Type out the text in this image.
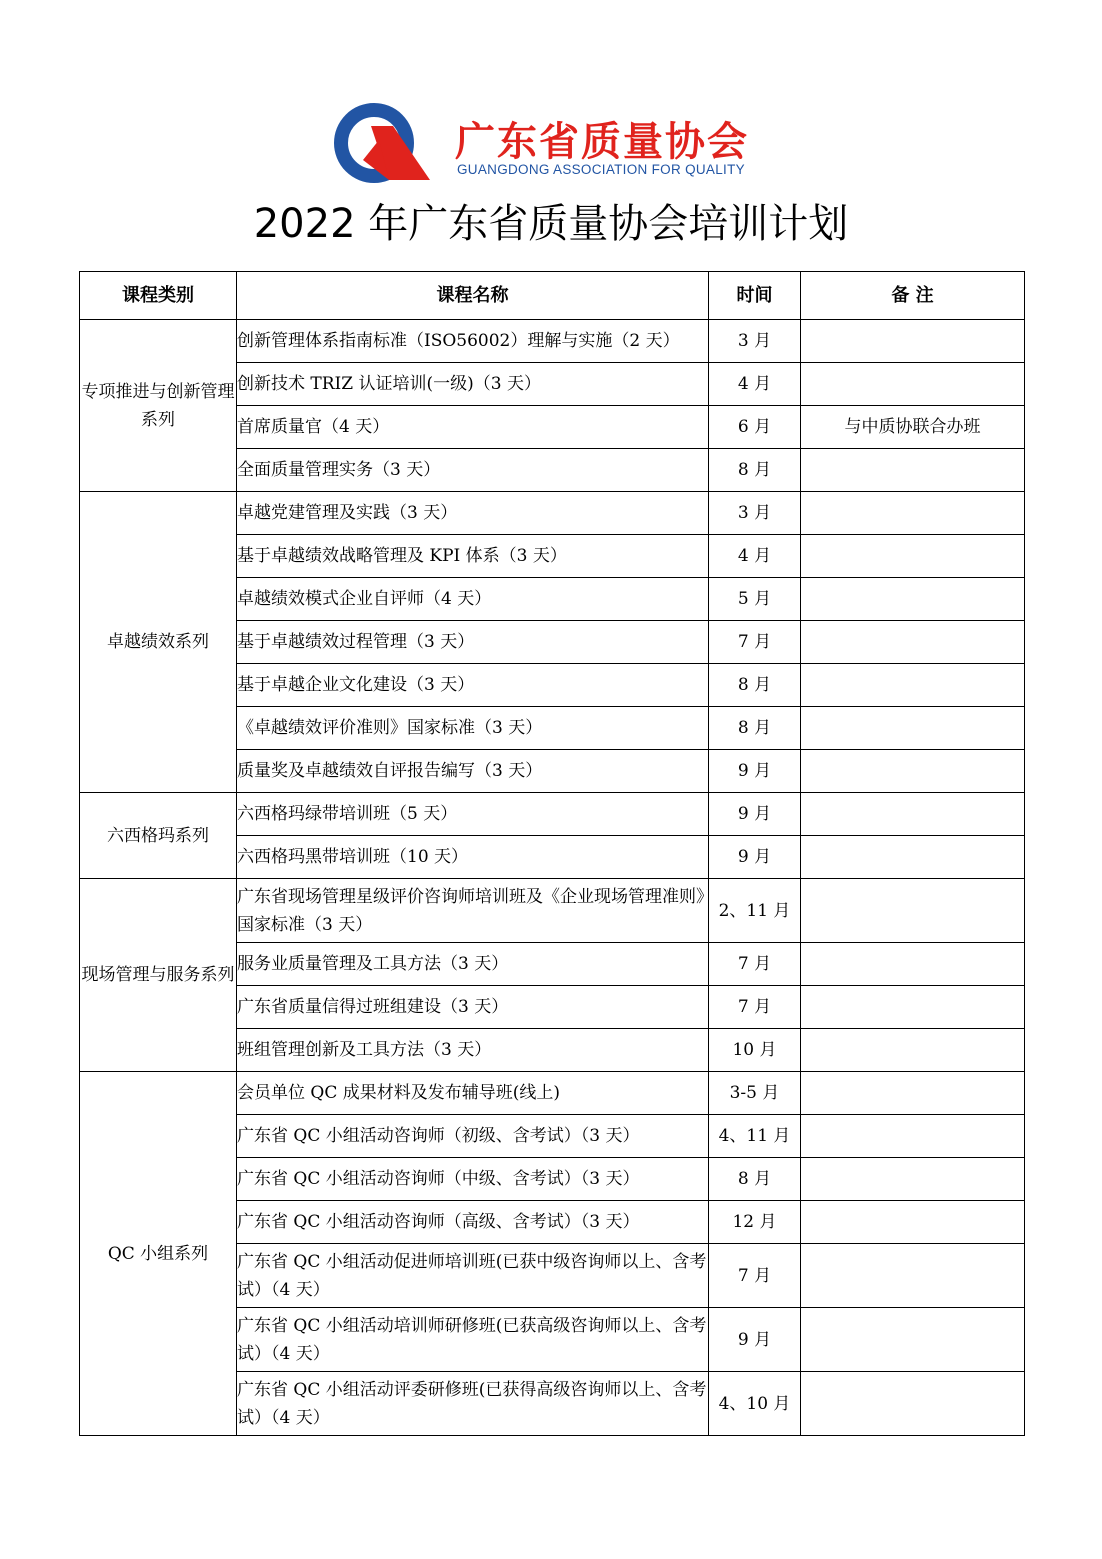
广东省质量协会
GUANGDONG ASSOCIATION FOR QUALITY
2022 年广东省质量协会培训计划
课程类别	课程名称	时间	备 注
专项推进与创新管理系列	创新管理体系指南标准（ISO56002）理解与实施（2 天）	3 月	
	创新技术 TRIZ 认证培训(一级)（3 天）	4 月	
	首席质量官（4 天）	6 月	与中质协联合办班
	全面质量管理实务（3 天）	8 月	
卓越绩效系列	卓越党建管理及实践（3 天）	3 月	
	基于卓越绩效战略管理及 KPI 体系（3 天）	4 月	
	卓越绩效模式企业自评师（4 天）	5 月	
	基于卓越绩效过程管理（3 天）	7 月	
	基于卓越企业文化建设（3 天）	8 月	
	《卓越绩效评价准则》国家标准（3 天）	8 月	
	质量奖及卓越绩效自评报告编写（3 天）	9 月	
六西格玛系列	六西格玛绿带培训班（5 天）	9 月	
	六西格玛黑带培训班（10 天）	9 月	
现场管理与服务系列	广东省现场管理星级评价咨询师培训班及《企业现场管理准则》国家标准（3 天）	2、11 月	
	服务业质量管理及工具方法（3 天）	7 月	
	广东省质量信得过班组建设（3 天）	7 月	
	班组管理创新及工具方法（3 天）	10 月	
QC 小组系列	会员单位 QC 成果材料及发布辅导班(线上)	3-5 月	
	广东省 QC 小组活动咨询师（初级、含考试）（3 天）	4、11 月	
	广东省 QC 小组活动咨询师（中级、含考试）（3 天）	8 月	
	广东省 QC 小组活动咨询师（高级、含考试）（3 天）	12 月	
	广东省 QC 小组活动促进师培训班(已获中级咨询师以上、含考试）（4 天）	7 月	
	广东省 QC 小组活动培训师研修班(已获高级咨询师以上、含考试）（4 天）	9 月	
	广东省 QC 小组活动评委研修班(已获得高级咨询师以上、含考试）（4 天）	4、10 月	
